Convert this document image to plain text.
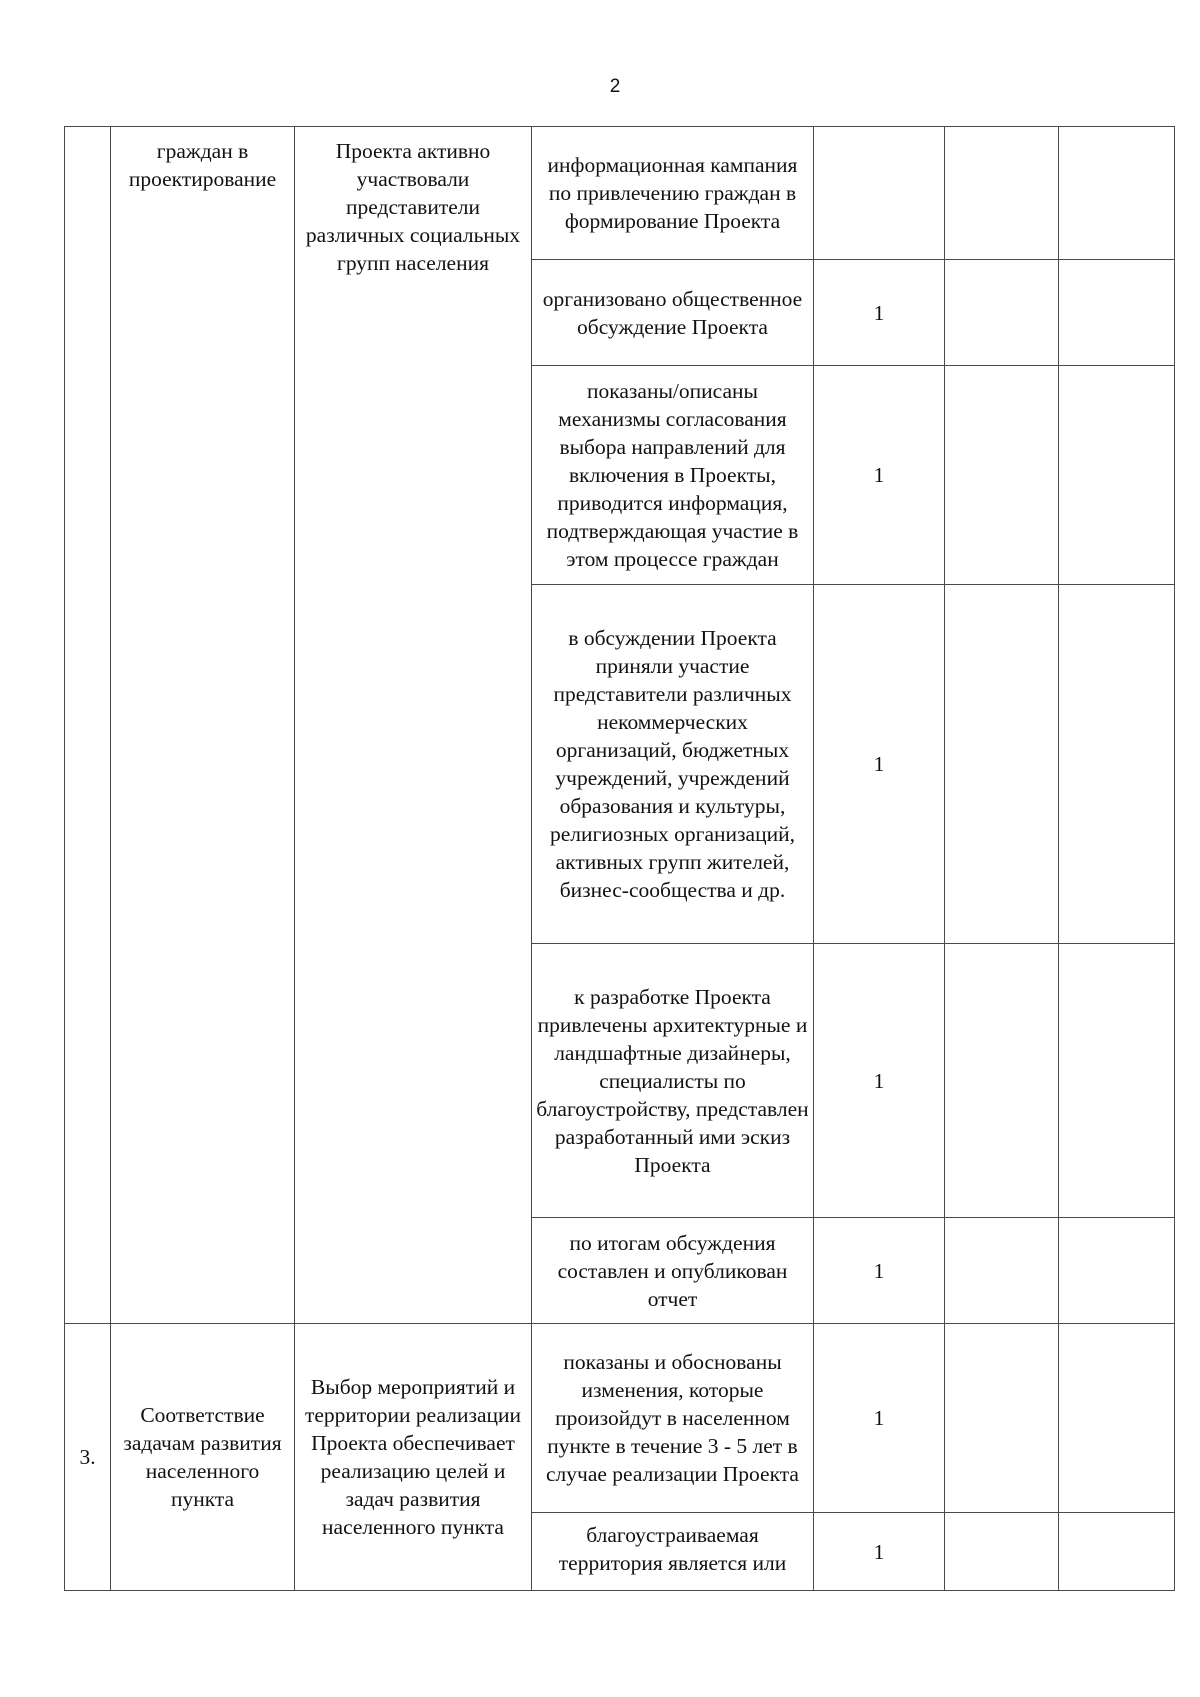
2
	граждан в проектирование	Проекта активно участвовали представители различных социальных групп населения	информационная кампания по привлечению граждан в формирование Проекта			
			организовано общественное обсуждение Проекта	1		
			показаны/описаны механизмы согласования выбора направлений для включения в Проекты, приводится информация, подтверждающая участие в этом процессе граждан	1		
			в обсуждении Проекта приняли участие представители различных некоммерческих организаций, бюджетных учреждений, учреждений образования и культуры, религиозных организаций, активных групп жителей, бизнес-сообщества и др.	1		
			к разработке Проекта привлечены архитектурные и ландшафтные дизайнеры, специалисты по благоустройству, представлен разработанный ими эскиз Проекта	1		
			по итогам обсуждения составлен и опубликован отчет	1		
3.	Соответствие задачам развития населенного пункта	Выбор мероприятий и территории реализации Проекта обеспечивает реализацию целей и задач развития населенного пункта	показаны и обоснованы изменения, которые произойдут в населенном пункте в течение 3 - 5 лет в случае реализации Проекта	1		
			благоустраиваемая территория является или	1		
